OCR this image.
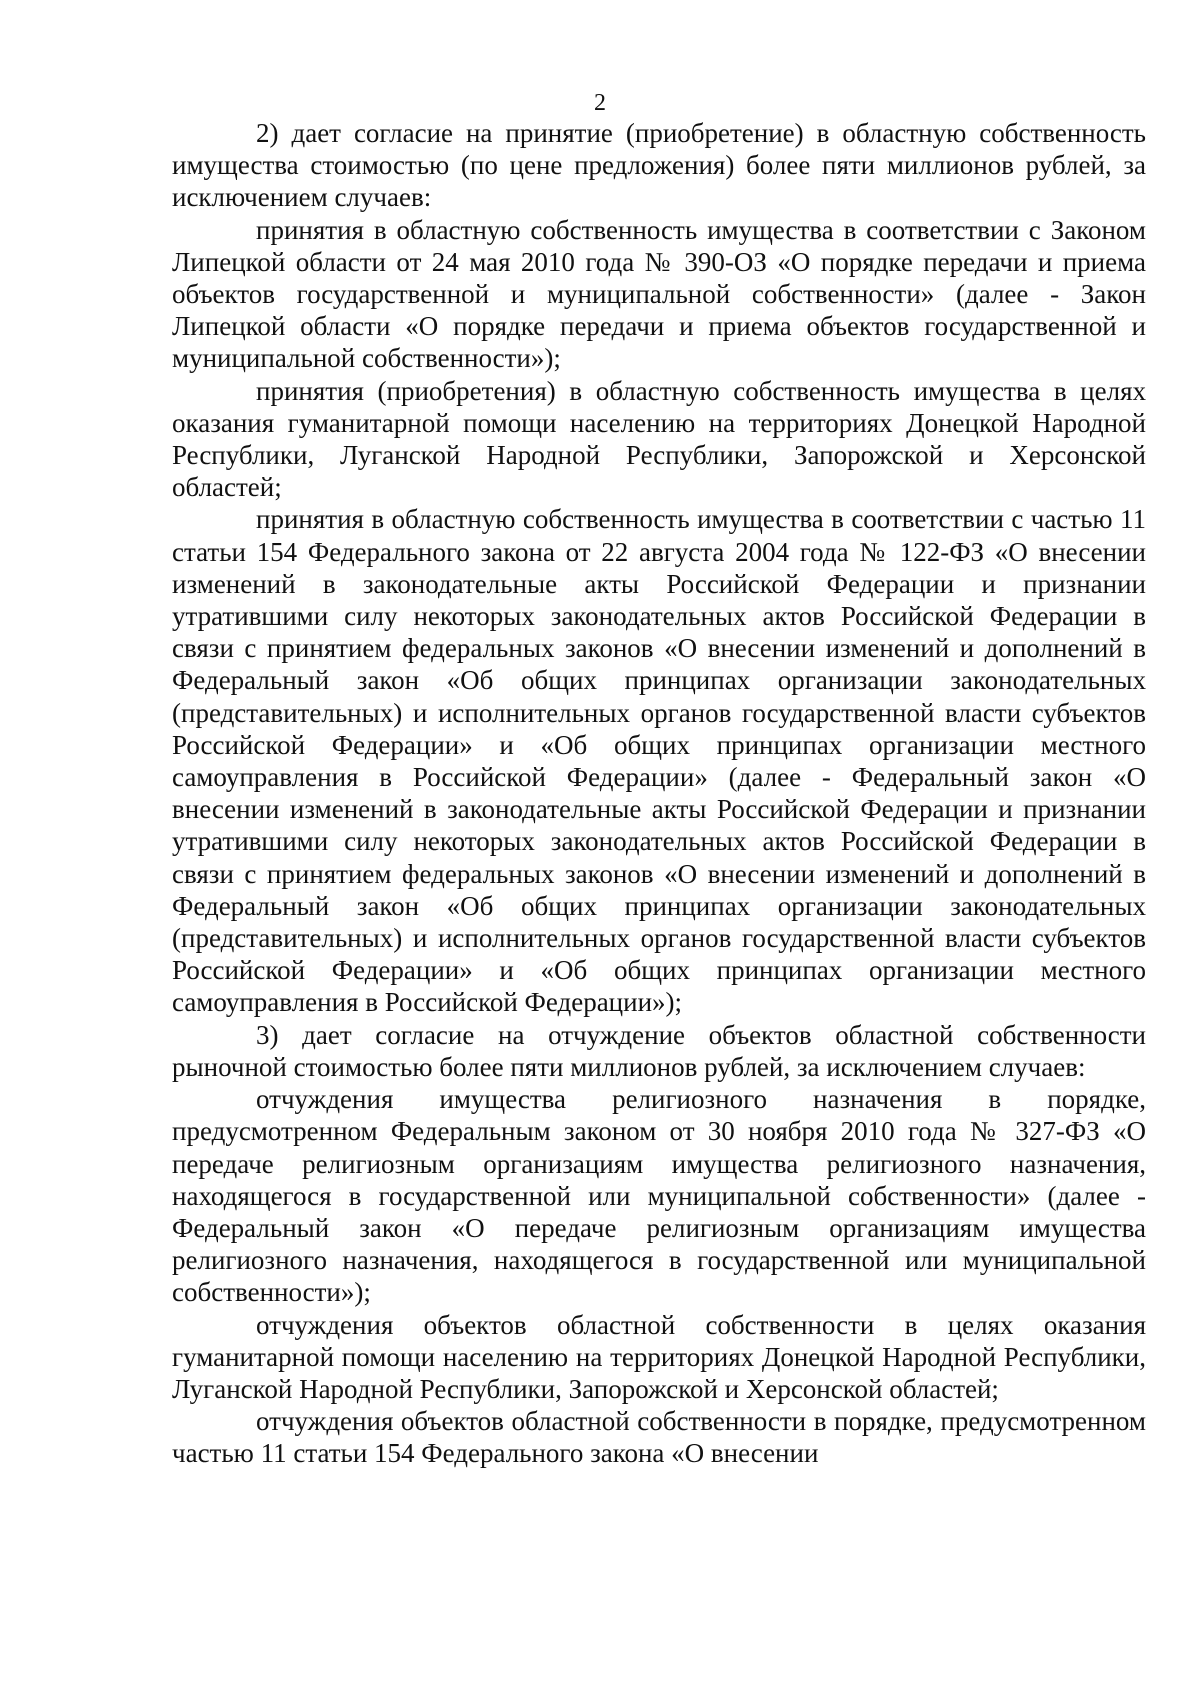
2

2) дает согласие на принятие (приобретение) в областную собственность имущества стоимостью (по цене предложения) более пяти миллионов рублей, за исключением случаев:

принятия в областную собственность имущества в соответствии с Законом Липецкой области от 24 мая 2010 года № 390-ОЗ «О порядке передачи и приема объектов государственной и муниципальной собственности» (далее - Закон Липецкой области «О порядке передачи и приема объектов государственной и муниципальной собственности»);

принятия (приобретения) в областную собственность имущества в целях оказания гуманитарной помощи населению на территориях Донецкой Народной Республики, Луганской Народной Республики, Запорожской и Херсонской областей;

принятия в областную собственность имущества в соответствии с частью 11 статьи 154 Федерального закона от 22 августа 2004 года № 122-ФЗ «О внесении изменений в законодательные акты Российской Федерации и признании утратившими силу некоторых законодательных актов Российской Федерации в связи с принятием федеральных законов «О внесении изменений и дополнений в Федеральный закон «Об общих принципах организации законодательных (представительных) и исполнительных органов государственной власти субъектов Российской Федерации» и «Об общих принципах организации местного самоуправления в Российской Федерации» (далее - Федеральный закон «О внесении изменений в законодательные акты Российской Федерации и признании утратившими силу некоторых законодательных актов Российской Федерации в связи с принятием федеральных законов «О внесении изменений и дополнений в Федеральный закон «Об общих принципах организации законодательных (представительных) и исполнительных органов государственной власти субъектов Российской Федерации» и «Об общих принципах организации местного самоуправления в Российской Федерации»);

3) дает согласие на отчуждение объектов областной собственности рыночной стоимостью более пяти миллионов рублей, за исключением случаев:

отчуждения имущества религиозного назначения в порядке, предусмотренном Федеральным законом от 30 ноября 2010 года № 327-ФЗ «О передаче религиозным организациям имущества религиозного назначения, находящегося в государственной или муниципальной собственности» (далее - Федеральный закон «О передаче религиозным организациям имущества религиозного назначения, находящегося в государственной или муниципальной собственности»);

отчуждения объектов областной собственности в целях оказания гуманитарной помощи населению на территориях Донецкой Народной Республики, Луганской Народной Республики, Запорожской и Херсонской областей;

отчуждения объектов областной собственности в порядке, предусмотренном частью 11 статьи 154 Федерального закона «О внесении
